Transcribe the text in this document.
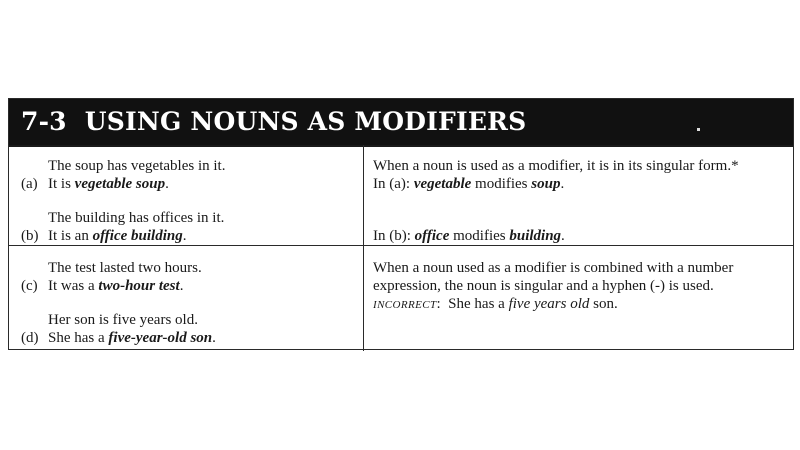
7-3 USING NOUNS AS MODIFIERS
The soup has vegetables in it.
(a) It is vegetable soup.
The building has offices in it.
(b) It is an office building.
When a noun is used as a modifier, it is in its singular form.*
In (a): vegetable modifies soup.
In (b): office modifies building.
The test lasted two hours.
(c) It was a two-hour test.
Her son is five years old.
(d) She has a five-year-old son.
When a noun used as a modifier is combined with a number
expression, the noun is singular and a hyphen (-) is used.
INCORRECT:  She has a five years old son.
